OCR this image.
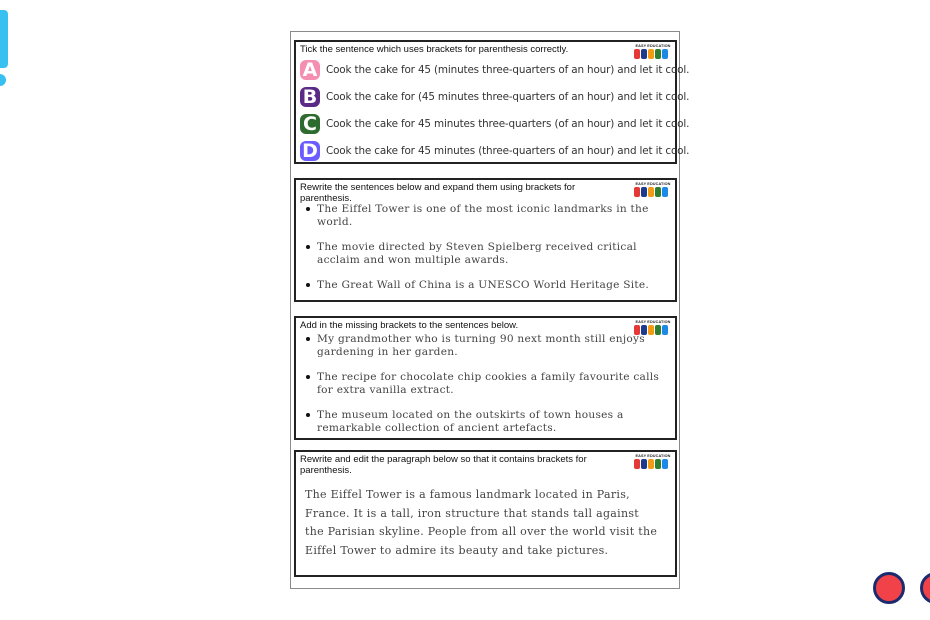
Tick the sentence which uses brackets for parenthesis correctly.	EASY EDUCATION
A Cook the cake for 45 (minutes three-quarters of an hour) and let it cool.
B Cook the cake for (45 minutes three-quarters of an hour) and let it cool.
C Cook the cake for 45 minutes three-quarters (of an hour) and let it cool.
D Cook the cake for 45 minutes (three-quarters of an hour) and let it cool.
Rewrite the sentences below and expand them using brackets for parenthesis.
EASY EDUCATION
The Eiffel Tower is one of the most iconic landmarks in the world.
The movie directed by Steven Spielberg received critical acclaim and won multiple awards.
The Great Wall of China is a UNESCO World Heritage Site.
Add in the missing brackets to the sentences below.	EASY EDUCATION
My grandmother who is turning 90 next month still enjoys gardening in her garden.
The recipe for chocolate chip cookies a family favourite calls for extra vanilla extract.
The museum located on the outskirts of town houses a remarkable collection of ancient artefacts.
Rewrite and edit the paragraph below so that it contains brackets for parenthesis.
EASY EDUCATION
The Eiffel Tower is a famous landmark located in Paris, France. It is a tall, iron structure that stands tall against the Parisian skyline. People from all over the world visit the Eiffel Tower to admire its beauty and take pictures.
